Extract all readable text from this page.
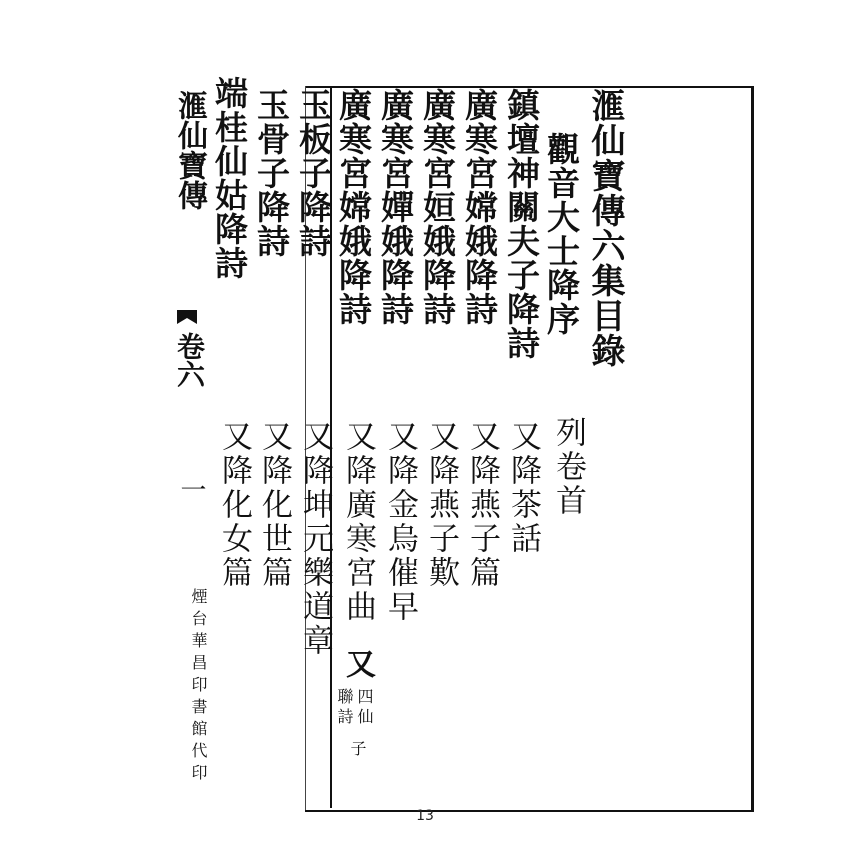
滙仙寶傳六集目錄

觀音大士降序

鎮壇神關夫子降詩

廣寒宮嫦娥降詩

廣寒宮姮娥降詩

廣寒宮嬋娥降詩

廣寒宮嫦娥降詩

玉板子降詩

玉骨子降詩

端桂仙姑降詩

列卷首

又降茶話

又降燕子篇

又降燕子歎

又降金烏催早

又降廣寒宮曲

又降坤元樂道章

又降化世篇

又降化女篇

又

四仙

聯詩

子

滙仙寶傳

卷六

一

煙台華昌印書館代印

13
